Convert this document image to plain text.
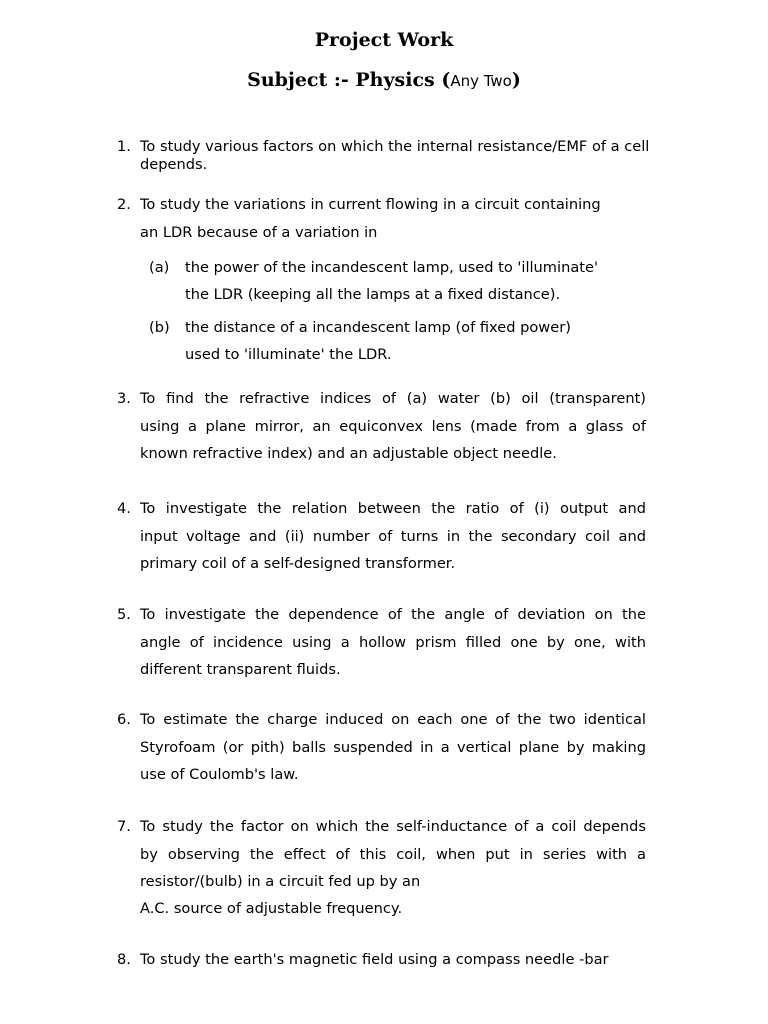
Project Work
Subject :- Physics (Any Two)
1. To study various factors on which the internal resistance/EMF of a cell
depends.
2. To study the variations in current flowing in a circuit containing
an LDR because of a variation in
(a) the power of the incandescent lamp, used to 'illuminate'
the LDR (keeping all the lamps at a fixed distance).
(b) the distance of a incandescent lamp (of fixed power)
used to 'illuminate' the LDR.
3. To find the refractive indices of (a) water (b) oil (transparent)
using a plane mirror, an equiconvex lens (made from a glass of
known refractive index) and an adjustable object needle.
4. To investigate the relation between the ratio of (i) output and
input voltage and (ii) number of turns in the secondary coil and
primary coil of a self-designed transformer.
5. To investigate the dependence of the angle of deviation on the
angle of incidence using a hollow prism filled one by one, with
different transparent fluids.
6. To estimate the charge induced on each one of the two identical
Styrofoam (or pith) balls suspended in a vertical plane by making
use of Coulomb's law.
7. To study the factor on which the self-inductance of a coil depends
by observing the effect of this coil, when put in series with a
resistor/(bulb) in a circuit fed up by an
A.C. source of adjustable frequency.
8. To study the earth's magnetic field using a compass needle -bar
